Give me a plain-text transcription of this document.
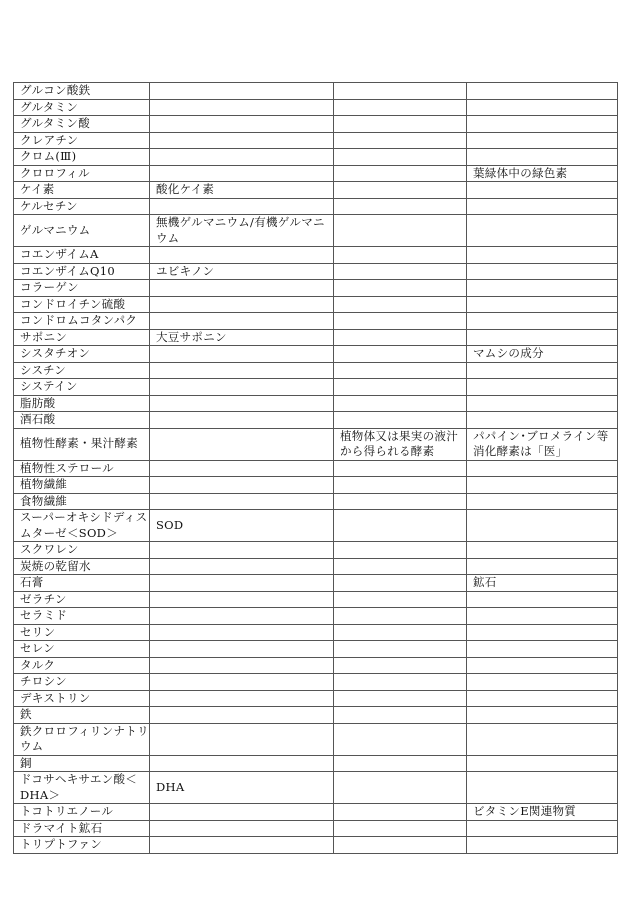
グルコン酸鉄			
グルタミン			
グルタミン酸			
クレアチン			
クロム(Ⅲ)			
クロロフィル			葉緑体中の緑色素
ケイ素	酸化ケイ素		
ケルセチン			
ゲルマニウム	無機ゲルマニウム/有機ゲルマニウム		
コエンザイムA			
コエンザイムQ10	ユビキノン		
コラーゲン			
コンドロイチン硫酸			
コンドロムコタンパク			
サポニン	大豆サポニン		
シスタチオン			マムシの成分
シスチン			
システイン			
脂肪酸			
酒石酸			
植物性酵素・果汁酵素		植物体又は果実の液汁から得られる酵素	パパイン･ブロメライン等消化酵素は「医」
植物性ステロール			
植物繊維			
食物繊維			
スーパーオキシドディスムターゼ＜SOD＞	SOD		
スクワレン			
炭焼の乾留水			
石膏			鉱石
ゼラチン			
セラミド			
セリン			
セレン			
タルク			
チロシン			
デキストリン			
鉄			
鉄クロロフィリンナトリウム			
銅			
ドコサヘキサエン酸＜DHA＞	DHA		
トコトリエノール			ビタミンE関連物質
ドラマイト鉱石			
トリプトファン			
